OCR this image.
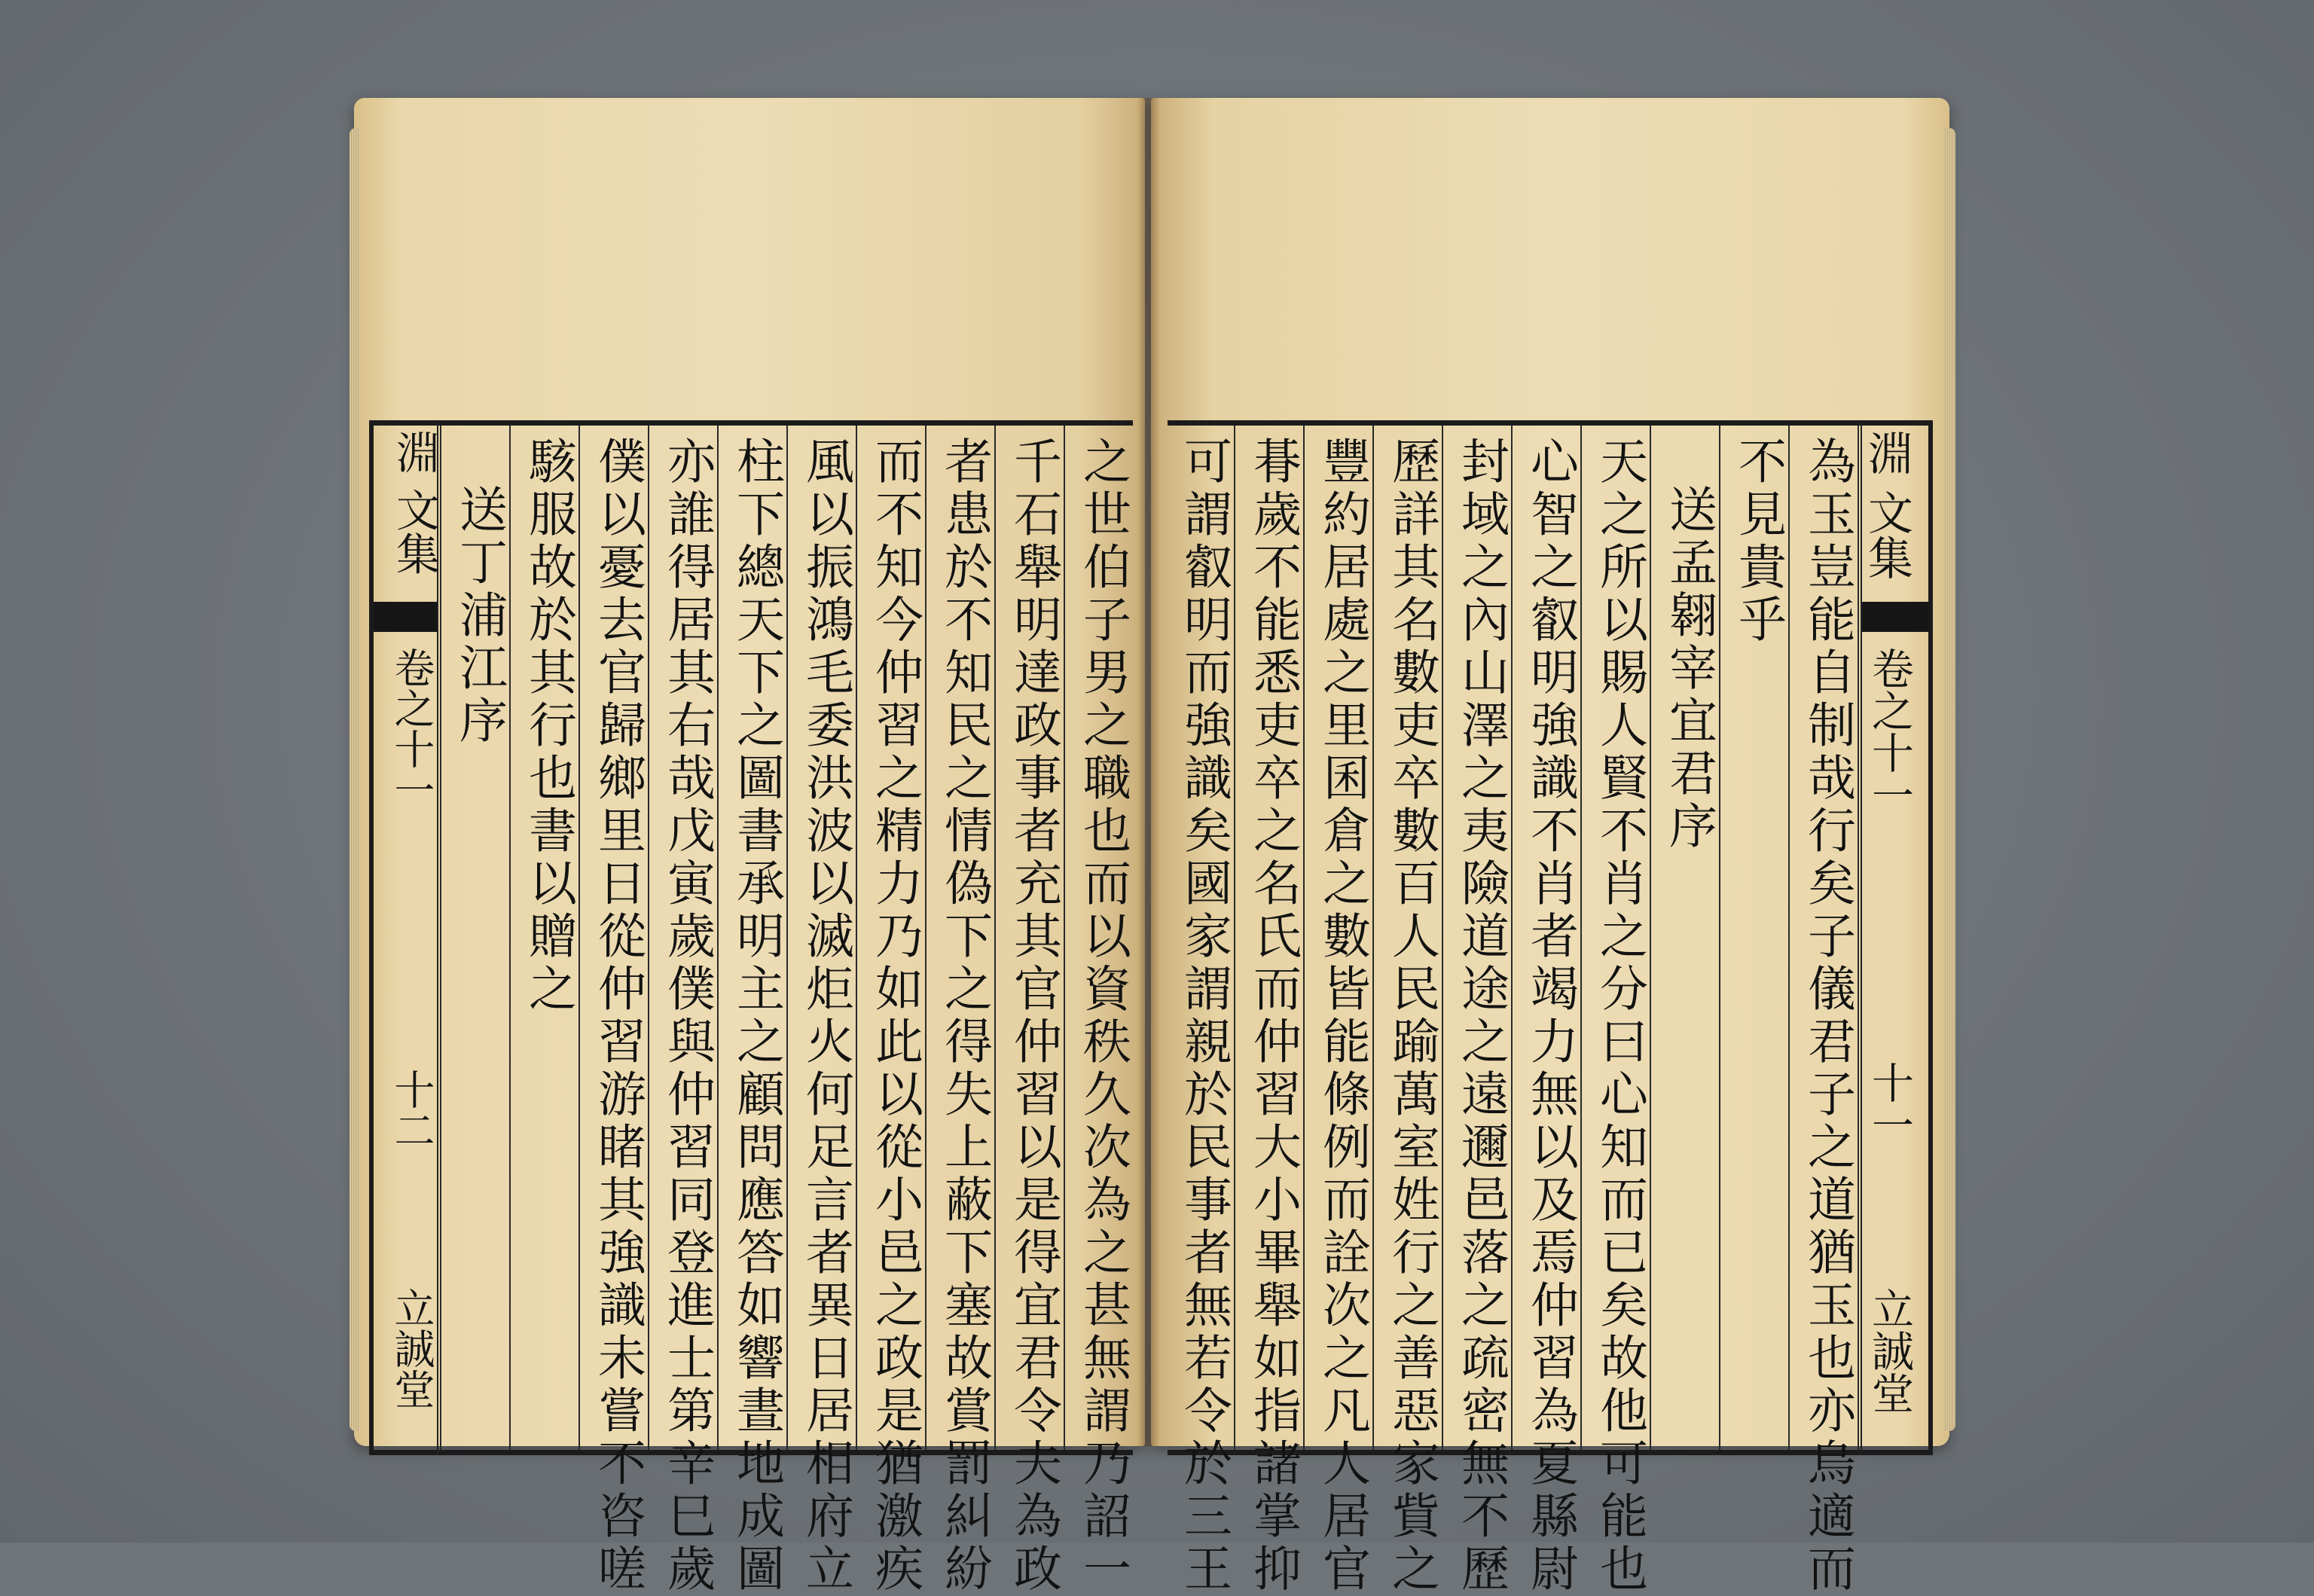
淵 文集
卷之十一
十一
立誠堂
為玉豈能自制哉行矣子儀君子之道猶玉也亦烏適而
不見貴乎
送孟翱宰宜君序
天之所以賜人賢不肖之分曰心知而已矣故他可能也
心智之叡明強識不肖者竭力無以及焉仲習為夏縣尉
封域之內山澤之夷險道途之遠邇邑落之疏密無不歷
歷詳其名數吏卒數百人民踰萬室姓行之善惡家貲之
豐約居處之里囷倉之數皆能條例而詮次之凡人居官
朞歲不能悉吏卒之名氏而仲習大小畢舉如指諸掌抑
可謂叡明而強識矣國家謂親於民事者無若令於三王
之世伯子男之職也而以資秩久次為之甚無謂乃詔一
千石舉明達政事者充其官仲習以是得宜君令夫為政
者患於不知民之情偽下之得失上蔽下塞故賞罰糾紛
而不知今仲習之精力乃如此以從小邑之政是猶激疾
風以振鴻毛委洪波以滅炬火何足言者異日居相府立
柱下總天下之圖書承明主之顧問應答如響晝地成圖
亦誰得居其右哉戊寅歲僕與仲習同登進士第辛巳歲
僕以憂去官歸鄉里日從仲習游睹其強識未嘗不咨嗟
駭服故於其行也書以贈之
送丁浦江序
淵 文集
卷之十一
十二
立誠堂
